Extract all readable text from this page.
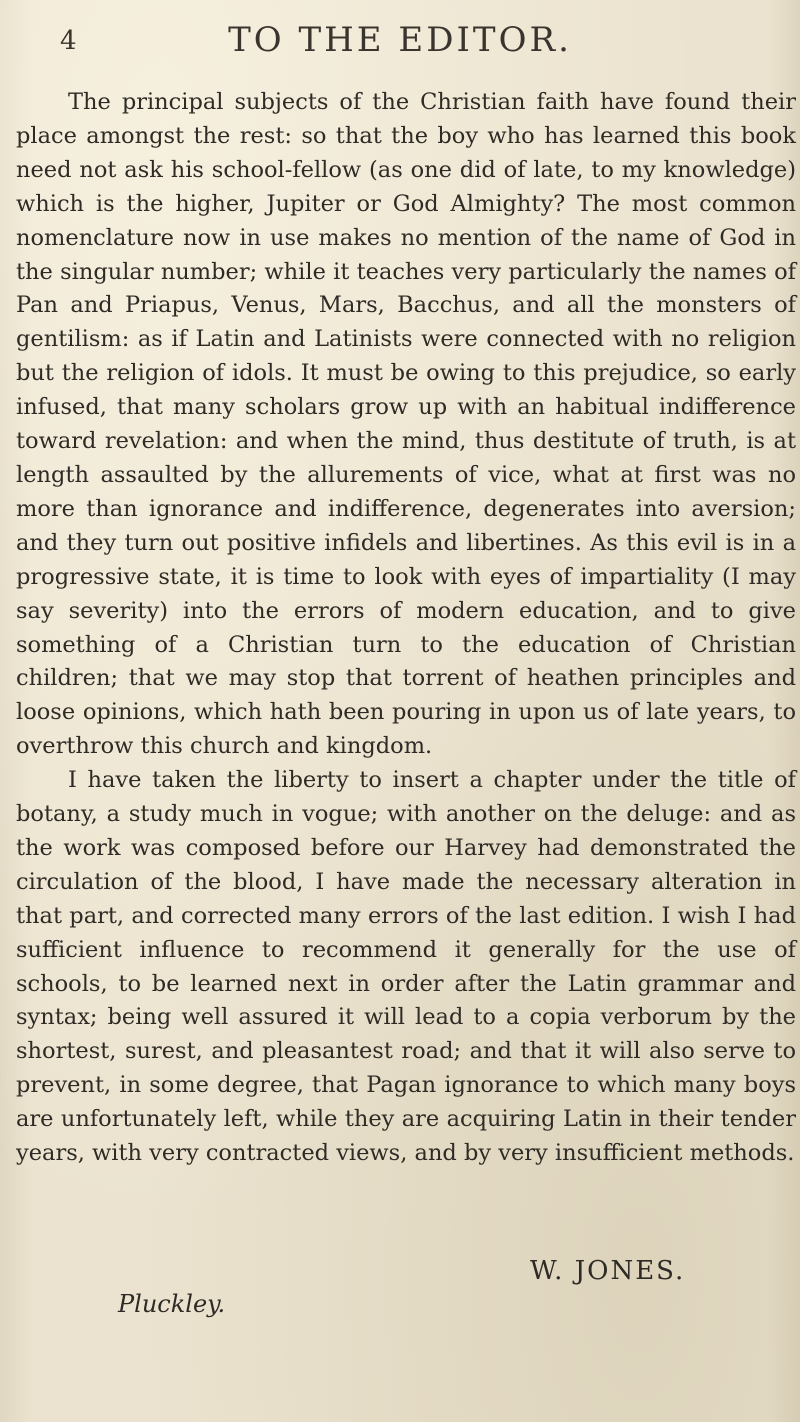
4	TO THE EDITOR.

The principal subjects of the Christian faith have found their place amongst the rest: so that the boy who has learned this book need not ask his school-fellow (as one did of late, to my knowledge) which is the higher, Jupiter or God Almighty? The most common nomenclature now in use makes no mention of the name of God in the singular number; while it teaches very particularly the names of Pan and Priapus, Venus, Mars, Bacchus, and all the monsters of gentilism: as if Latin and Latinists were connected with no religion but the religion of idols. It must be owing to this prejudice, so early infused, that many scholars grow up with an habitual indifference toward revelation: and when the mind, thus destitute of truth, is at length assaulted by the allurements of vice, what at first was no more than ignorance and indifference, degenerates into aversion; and they turn out positive infidels and libertines. As this evil is in a progressive state, it is time to look with eyes of impartiality (I may say severity) into the errors of modern education, and to give something of a Christian turn to the education of Christian children; that we may stop that torrent of heathen principles and loose opinions, which hath been pouring in upon us of late years, to overthrow this church and kingdom.

I have taken the liberty to insert a chapter under the title of botany, a study much in vogue; with another on the deluge: and as the work was composed before our Harvey had demonstrated the circulation of the blood, I have made the necessary alteration in that part, and corrected many errors of the last edition. I wish I had sufficient influence to recommend it generally for the use of schools, to be learned next in order after the Latin grammar and syntax; being well assured it will lead to a copia verborum by the shortest, surest, and pleasantest road; and that it will also serve to prevent, in some degree, that Pagan ignorance to which many boys are unfortunately left, while they are acquiring Latin in their tender years, with very contracted views, and by very insufficient methods.

W. JONES.
Pluckley.
